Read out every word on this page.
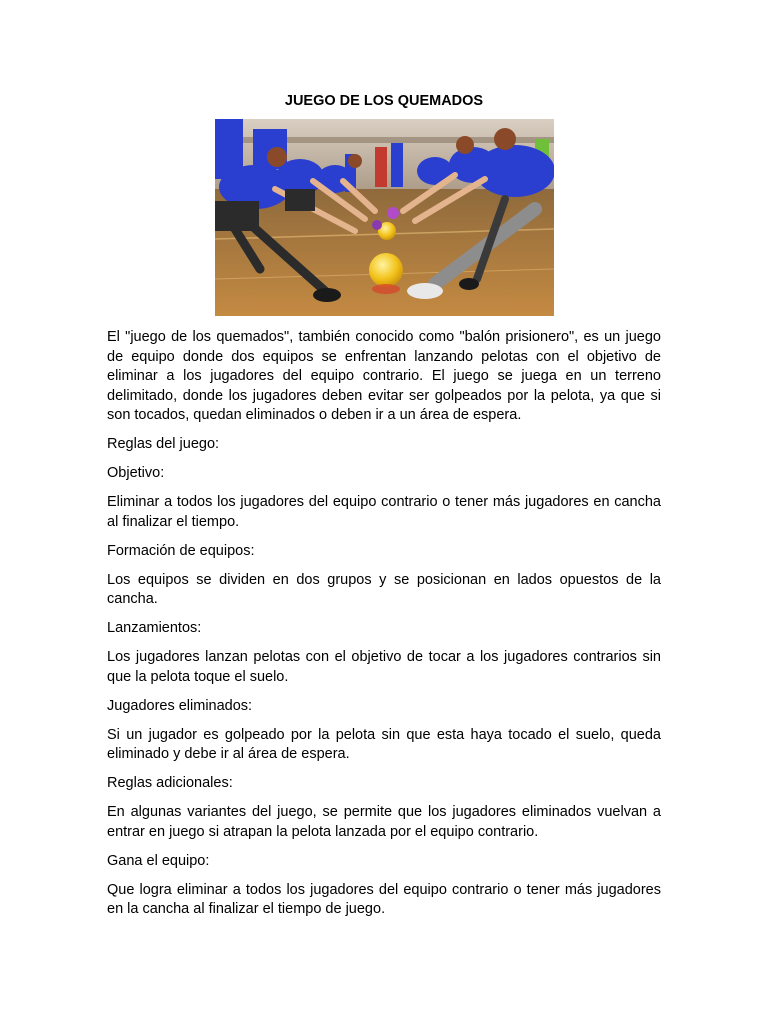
JUEGO DE LOS QUEMADOS

El "juego de los quemados", también conocido como "balón prisionero", es un juego de equipo donde dos equipos se enfrentan lanzando pelotas con el objetivo de eliminar a los jugadores del equipo contrario. El juego se juega en un terreno delimitado, donde los jugadores deben evitar ser golpeados por la pelota, ya que si son tocados, quedan eliminados o deben ir a un área de espera.

Reglas del juego:

Objetivo:

Eliminar a todos los jugadores del equipo contrario o tener más jugadores en cancha al finalizar el tiempo.

Formación de equipos:

Los equipos se dividen en dos grupos y se posicionan en lados opuestos de la cancha.

Lanzamientos:

Los jugadores lanzan pelotas con el objetivo de tocar a los jugadores contrarios sin que la pelota toque el suelo.

Jugadores eliminados:

Si un jugador es golpeado por la pelota sin que esta haya tocado el suelo, queda eliminado y debe ir al área de espera.

Reglas adicionales:

En algunas variantes del juego, se permite que los jugadores eliminados vuelvan a entrar en juego si atrapan la pelota lanzada por el equipo contrario.

Gana el equipo:

Que logra eliminar a todos los jugadores del equipo contrario o tener más jugadores en la cancha al finalizar el tiempo de juego.
